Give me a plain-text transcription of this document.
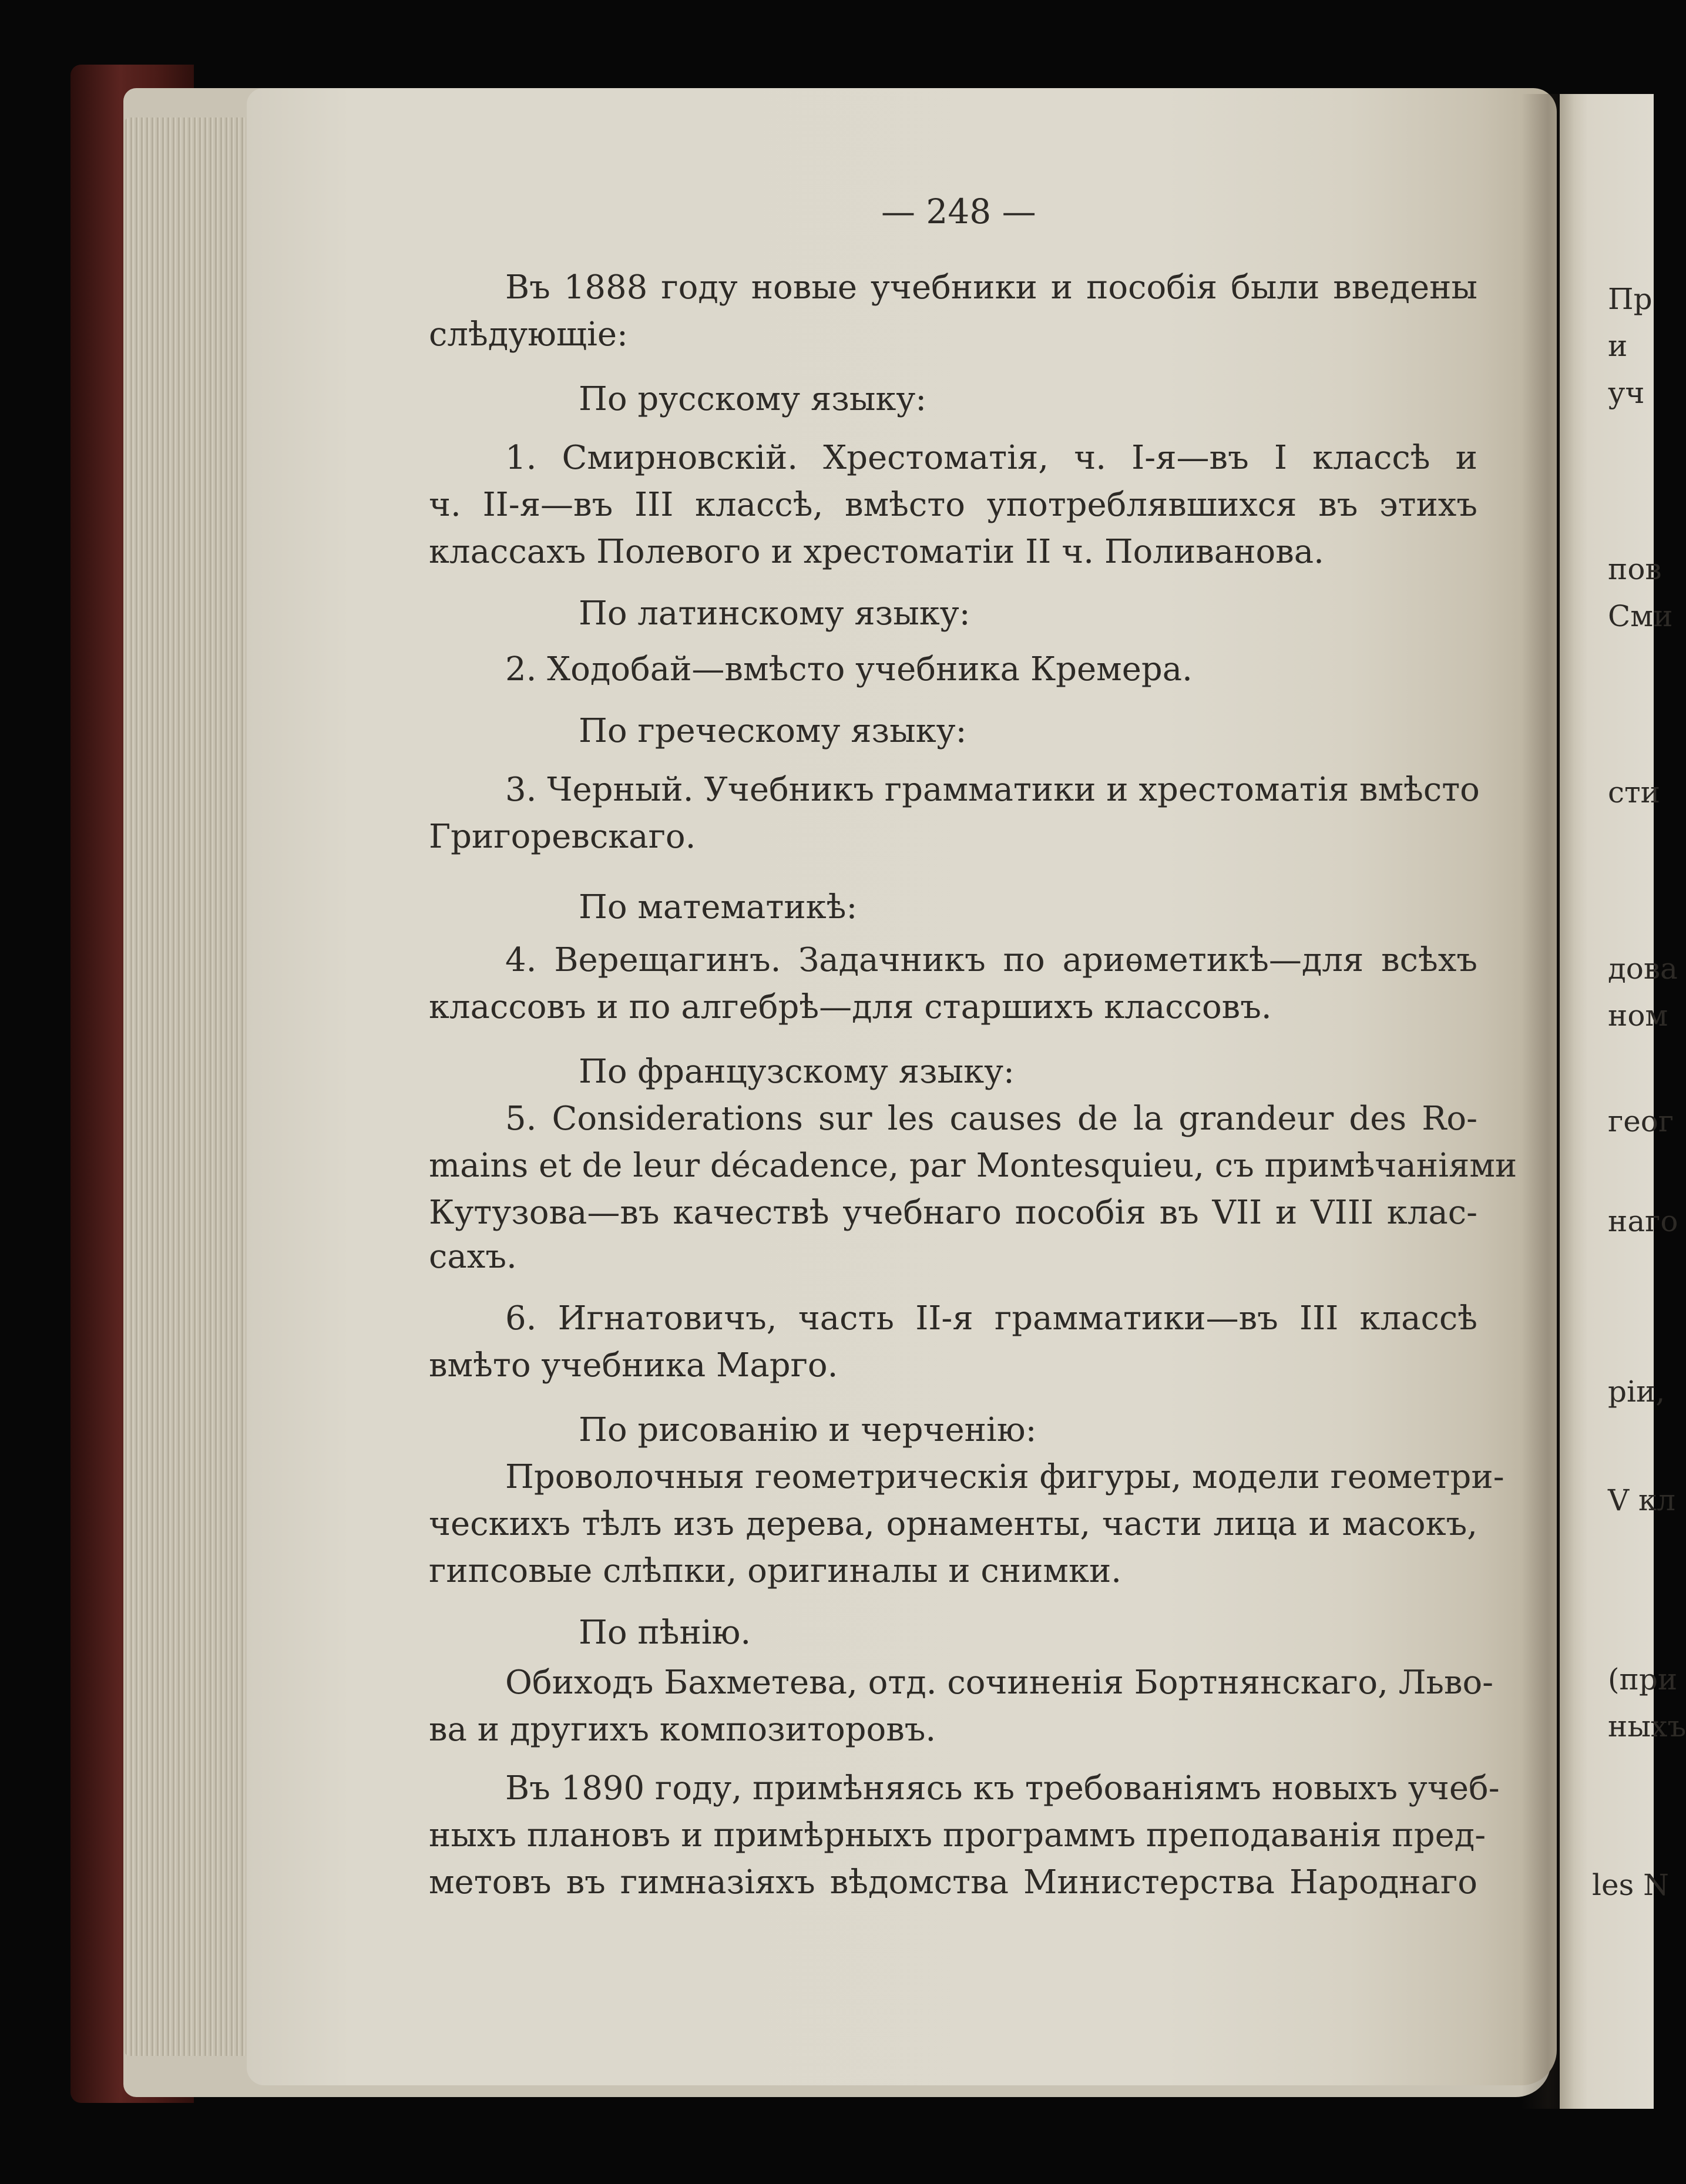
— 248 —
Въ 1888 году новые учебники и пособія были введены
слѣдующіе:
По русскому языку:
1. Смирновскій. Хрестоматія, ч. І-я—въ І классѣ и
ч. ІІ-я—въ ІІІ классѣ, вмѣсто употреблявшихся въ этихъ
классахъ Полевого и хрестоматіи ІІ ч. Поливанова.
По латинскому языку:
2. Ходобай—вмѣсто учебника Кремера.
По греческому языку:
3. Черный. Учебникъ грамматики и хрестоматія вмѣсто
Григоревскаго.
По математикѣ:
4. Верещагинъ. Задачникъ по ариѳметикѣ—для всѣхъ
классовъ и по алгебрѣ—для старшихъ классовъ.
По французскому языку:
5. Considerations sur les causes de la grandeur des Ro-
mains et de leur décadence, par Montesquieu, съ примѣчаніями
Кутузова—въ качествѣ учебнаго пособія въ VII и VIII клас-
сахъ.
6. Игнатовичъ, часть ІІ-я грамматики—въ ІІІ классѣ
вмѣто учебника Марго.
По рисованію и черченію:
Проволочныя геометрическія фигуры, модели геометри-
ческихъ тѣлъ изъ дерева, орнаменты, части лица и масокъ,
гипсовые слѣпки, оригиналы и снимки.
По пѣнію.
Обиходъ Бахметева, отд. сочиненія Бортнянскаго, Льво-
ва и другихъ композиторовъ.
Въ 1890 году, примѣняясь къ требованіямъ новыхъ учеб-
ныхъ плановъ и примѣрныхъ программъ преподаванія пред-
метовъ въ гимназіяхъ вѣдомства Министерства Народнаго
Пр
и
уч
пов
Сми
сти
дова
ном
геог
наго
ріи,
V кл
(при
ныхъ
les N
